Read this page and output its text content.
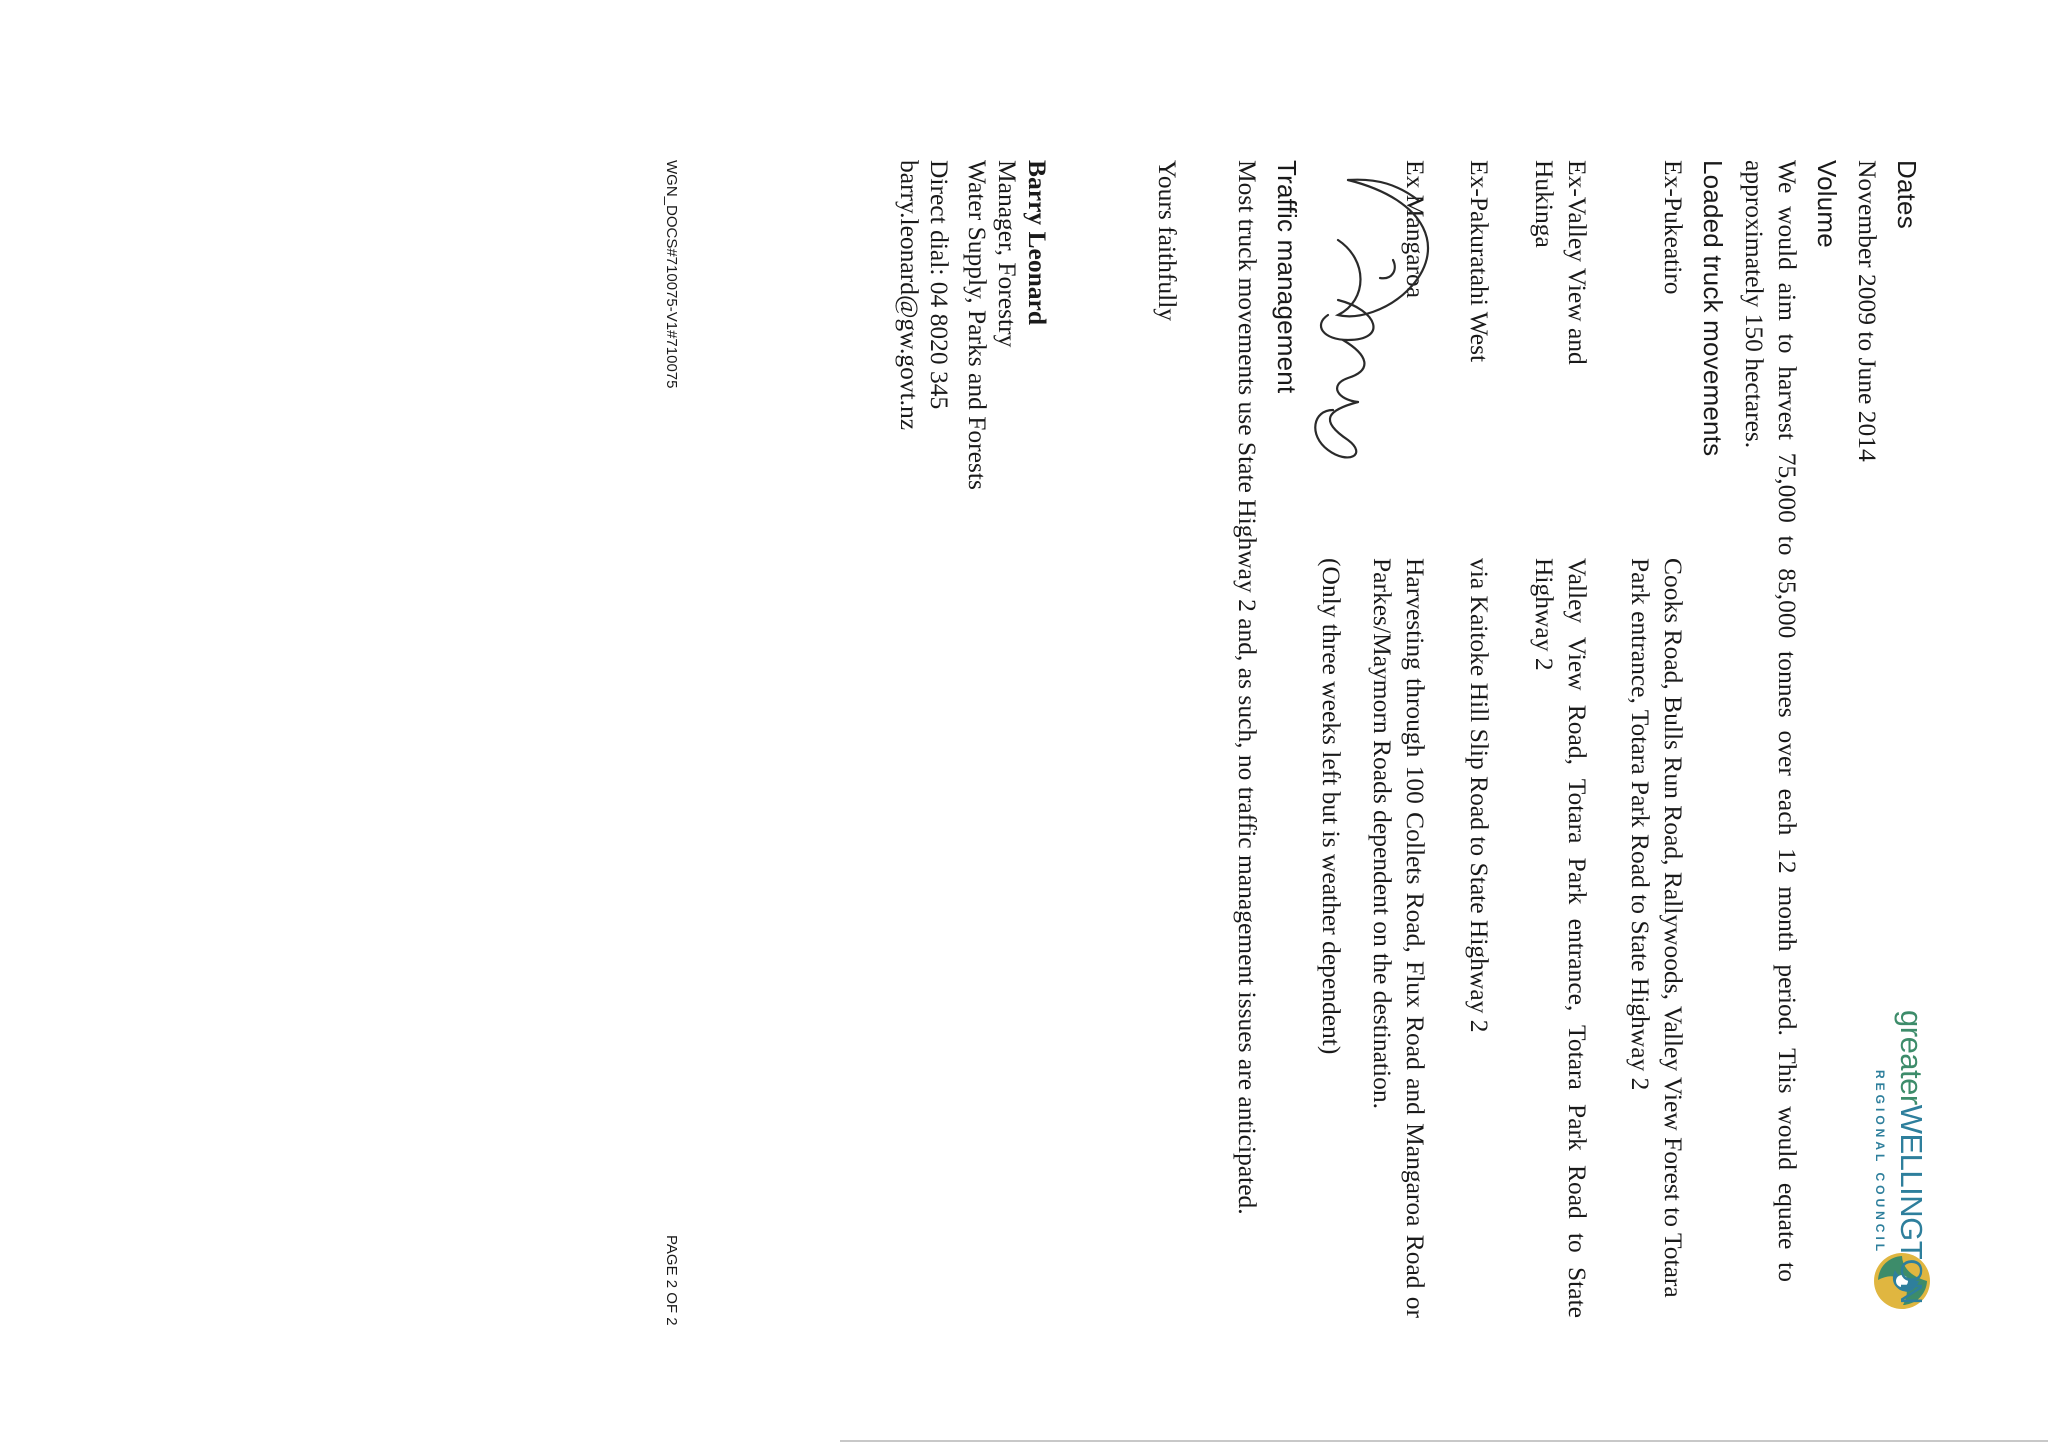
greaterWELLINGTON
REGIONAL COUNCIL
Dates
November 2009 to June 2014
Volume
We would aim to harvest 75,000 to 85,000 tonnes over each 12 month period. This would equate to approximately 150 hectares.
Loaded truck movements
Ex-Pukeatiro
Cooks Road, Bulls Run Road, Rallywoods, Valley View Forest to Totara Park entrance, Totara Park Road to State Highway 2
Ex-Valley View and Hukinga
Valley View Road, Totara Park entrance, Totara Park Road to State Highway 2
Ex-Pakuratahi West
via Kaitoke Hill Slip Road to State Highway 2
Ex Mangaroa
Harvesting through 100 Collets Road, Flux Road and Mangaroa Road or Parkes/Maymorn Roads dependent on the destination.
(Only three weeks left but is weather dependent)
Traffic management
Most truck movements use State Highway 2 and, as such, no traffic management issues are anticipated.
Yours faithfully
Barry Leonard
Manager, Forestry
Water Supply, Parks and Forests
Direct dial: 04 8020 345
barry.leonard@gw.govt.nz
WGN_DOCS#710075-V1#710075
PAGE 2 OF 2
